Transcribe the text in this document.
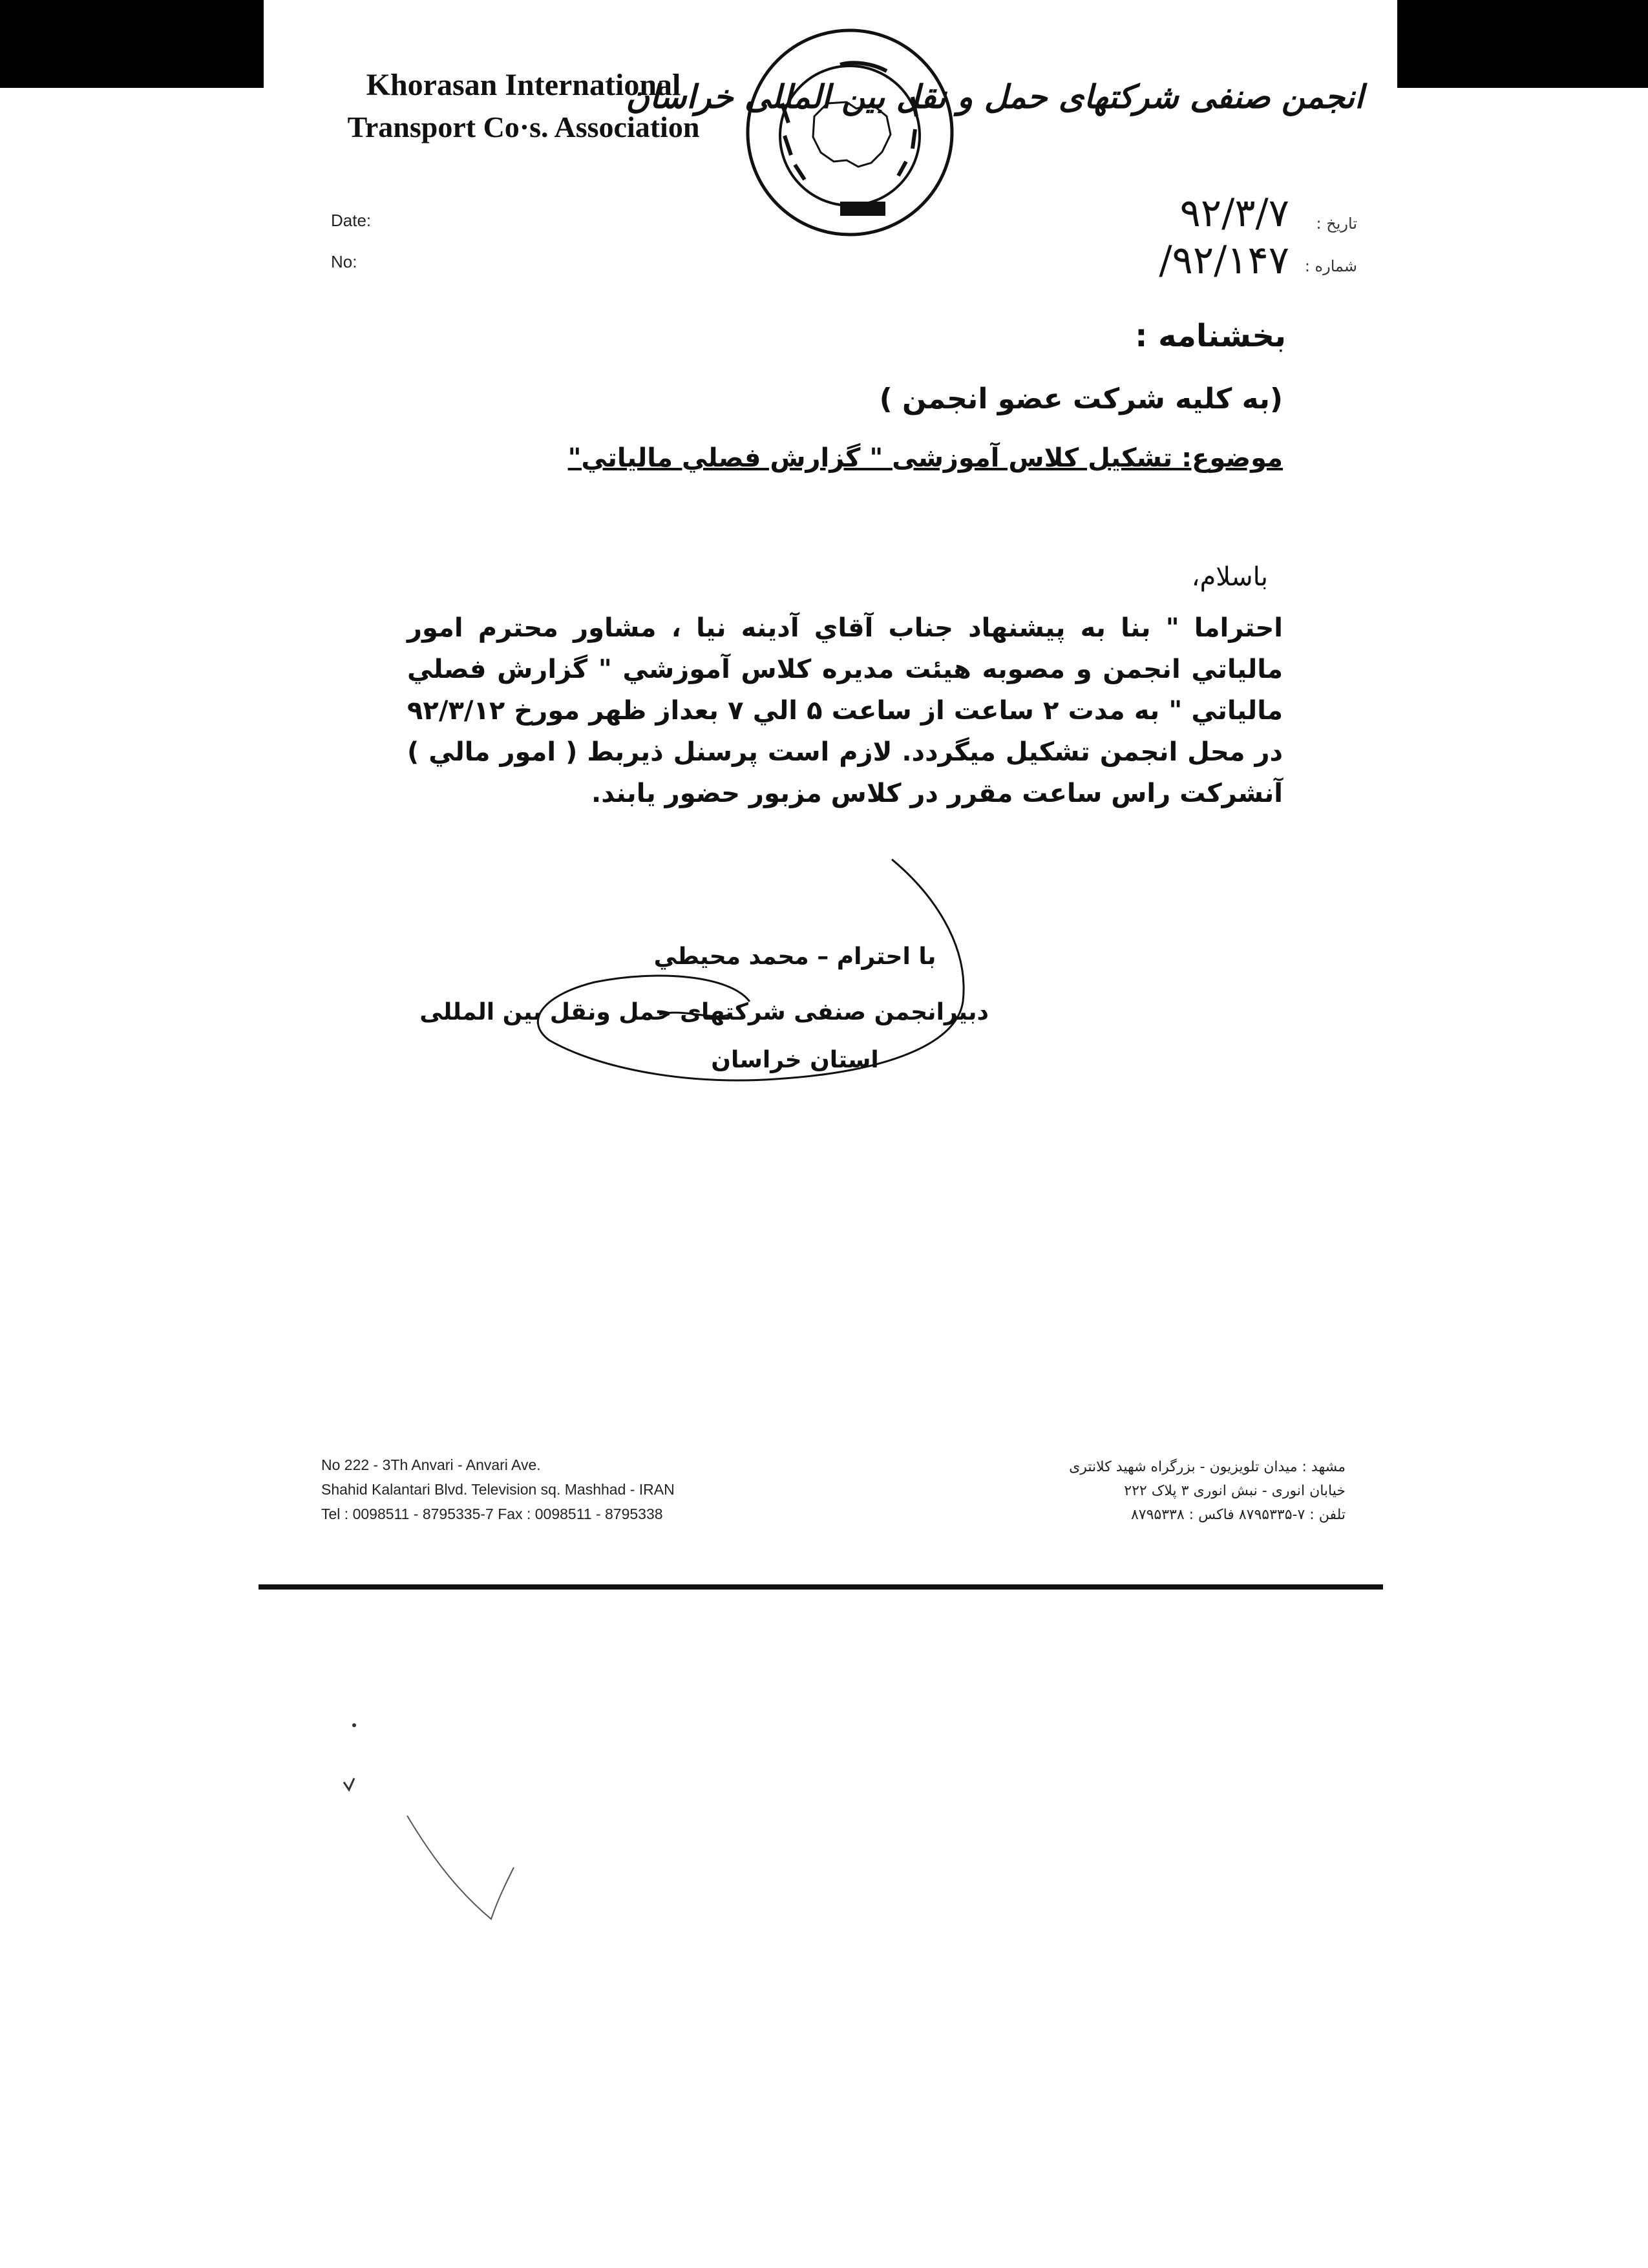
Khorasan International
Transport Co·s. Association
انجمن صنفی شرکتهای حمل و نقل بین المللی خراسان
Date:
No:
تاریخ :
شماره :
۹۲/۳/۷
۹۲/۱۴۷/
بخشنامه :
(به کلیه شرکت عضو انجمن )
موضوع: تشکیل کلاس آموزشی " گزارش فصلي مالياتي"
باسلام،
احتراما " بنا به پيشنهاد جناب آقاي آدينه نيا ، مشاور محترم امور مالياتي انجمن و مصوبه هيئت مديره كلاس آموزشي " گزارش فصلي مالياتي " به مدت ۲ ساعت از ساعت ۵ الي ۷ بعداز ظهر مورخ ۹۲/۳/۱۲ در محل انجمن تشكيل ميگردد. لازم است پرسنل ذيربط ( امور مالي ) آنشركت راس ساعت مقرر در كلاس مزبور حضور يابند.
با احترام – محمد محيطي
دبیرانجمن صنفی شرکتهای حمل ونقل بین المللی
استان خراسان
No 222 - 3Th Anvari - Anvari Ave.
Shahid Kalantari Blvd. Television sq. Mashhad - IRAN
Tel : 0098511 - 8795335-7 Fax : 0098511 - 8795338
مشهد : میدان تلویزیون - بزرگراه شهید کلانتری
خیابان انوری - نبش انوری ۳ پلاک ۲۲۲
تلفن : ۷-۸۷۹۵۳۳۵ فاکس : ۸۷۹۵۳۳۸
